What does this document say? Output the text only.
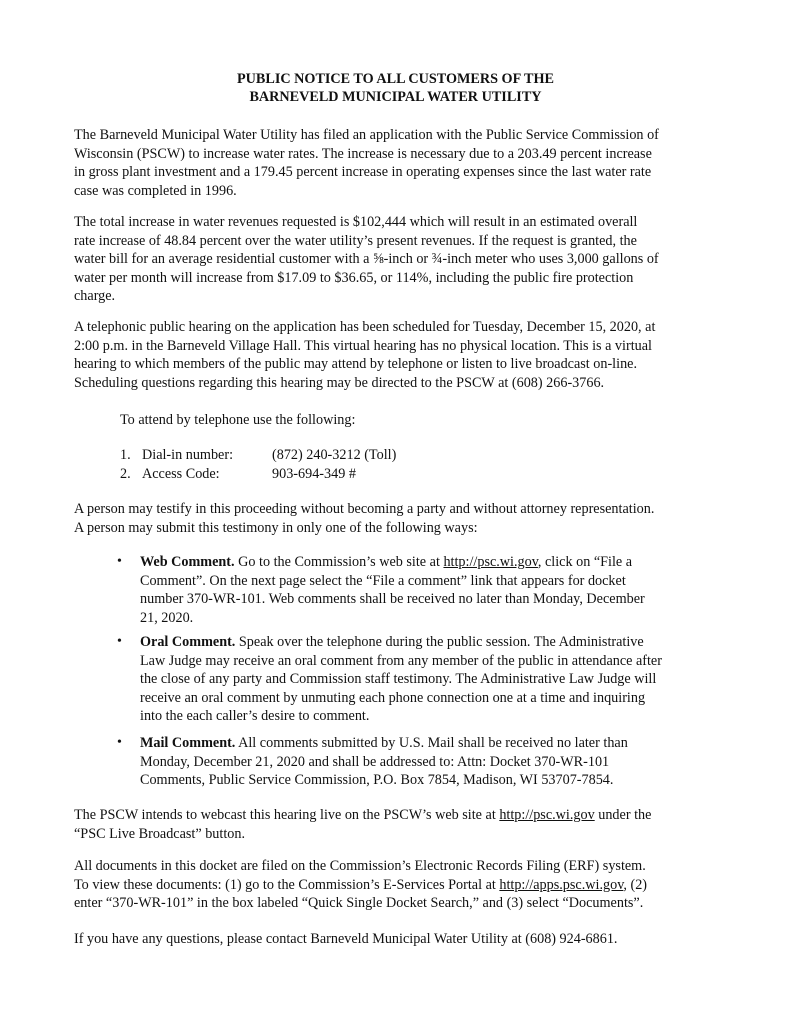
PUBLIC NOTICE TO ALL CUSTOMERS OF THE
BARNEVELD MUNICIPAL WATER UTILITY
The Barneveld Municipal Water Utility has filed an application with the Public Service Commission of
Wisconsin (PSCW) to increase water rates. The increase is necessary due to a 203.49 percent increase
in gross plant investment and a 179.45 percent increase in operating expenses since the last water rate
case was completed in 1996.
The total increase in water revenues requested is $102,444 which will result in an estimated overall
rate increase of 48.84 percent over the water utility’s present revenues. If the request is granted, the
water bill for an average residential customer with a ⅝-inch or ¾-inch meter who uses 3,000 gallons of
water per month will increase from $17.09 to $36.65, or 114%, including the public fire protection
charge.
A telephonic public hearing on the application has been scheduled for Tuesday, December 15, 2020, at
2:00 p.m. in the Barneveld Village Hall. This virtual hearing has no physical location. This is a virtual
hearing to which members of the public may attend by telephone or listen to live broadcast on-line.
Scheduling questions regarding this hearing may be directed to the PSCW at (608) 266-3766.
To attend by telephone use the following:
1. Dial-in number:	(872) 240-3212 (Toll)
2. Access Code:	903-694-349 #
A person may testify in this proceeding without becoming a party and without attorney representation.
A person may submit this testimony in only one of the following ways:
• Web Comment. Go to the Commission’s web site at http://psc.wi.gov, click on “File a
Comment”. On the next page select the “File a comment” link that appears for docket
number 370-WR-101. Web comments shall be received no later than Monday, December
21, 2020.
• Oral Comment. Speak over the telephone during the public session. The Administrative
Law Judge may receive an oral comment from any member of the public in attendance after
the close of any party and Commission staff testimony. The Administrative Law Judge will
receive an oral comment by unmuting each phone connection one at a time and inquiring
into the each caller’s desire to comment.
• Mail Comment. All comments submitted by U.S. Mail shall be received no later than
Monday, December 21, 2020 and shall be addressed to: Attn: Docket 370-WR-101
Comments, Public Service Commission, P.O. Box 7854, Madison, WI 53707-7854.
The PSCW intends to webcast this hearing live on the PSCW’s web site at http://psc.wi.gov under the
“PSC Live Broadcast” button.
All documents in this docket are filed on the Commission’s Electronic Records Filing (ERF) system.
To view these documents: (1) go to the Commission’s E-Services Portal at http://apps.psc.wi.gov, (2)
enter “370-WR-101” in the box labeled “Quick Single Docket Search,” and (3) select “Documents”.
If you have any questions, please contact Barneveld Municipal Water Utility at (608) 924-6861.
